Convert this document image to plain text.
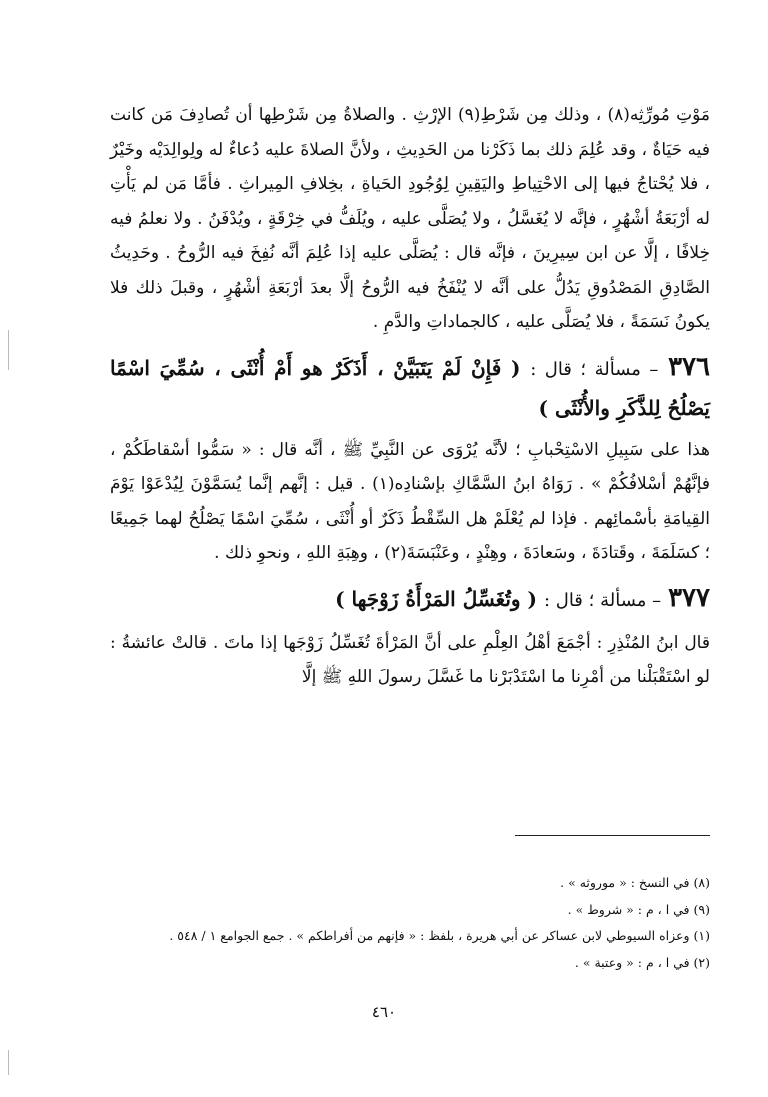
مَوْتِ مُورِّثِه(٨) ، وذلك مِن شَرْطِ(٩) الإرْثِ . والصلاةُ مِن شَرْطِها أن تُصادِفَ مَن كانت فيه حَيَاةٌ ، وقد عُلِمَ ذلك بما ذَكَرْنا من الحَدِيثِ ، ولأنَّ الصلاةَ عليه دُعاءٌ له ولِوالِدَيْه وخَيْرٌ ، فلا يُحْتاجُ فيها إلى الاحْتِياطِ واليَقِينِ لِوُجُودِ الحَياةِ ، بخِلافِ المِيراثِ . فأمَّا مَن لم يَأْتِ له أرْبَعَةُ أشْهُرٍ ، فإنَّه لا يُغَسَّلُ ، ولا يُصَلَّى عليه ، ويُلَفُّ في خِرْقَةٍ ، ويُدْفَنُ . ولا نعلمُ فيه خِلافًا ، إلَّا عن ابن سِيرِينَ ، فإنَّه قال : يُصَلَّى عليه إذا عُلِمَ أنَّه نُفِخَ فيه الرُّوحُ . وحَدِيثُ الصَّادِقِ المَصْدُوقِ يَدُلُّ على أنَّه لا يُنْفَخُ فيه الرُّوحُ إلَّا بعدَ أرْبَعَةِ أشْهُرٍ ، وقبلَ ذلك فلا يكونُ نَسَمَةً ، فلا يُصَلَّى عليه ، كالجماداتِ والدَّمِ .

٣٧٦ – مسألة ؛ قال : ( فَإِنْ لَمْ يَتَبَيَّنْ ، أَذَكَرٌ هو أَمْ أُنْثَى ، سُمِّيَ اسْمًا يَصْلُحُ لِلذَّكَرِ والأُنْثَى )

هذا على سَبِيلِ الاسْتِحْبابِ ؛ لأنَّه يُرْوَى عن النَّبِيِّ ﷺ ، أنَّه قال : « سَمُّوا أسْقاطَكُمْ ، فإنَّهُمْ أسْلافُكُمْ » . رَوَاهُ ابنُ السَّمَّاكِ بإسْنادِه(١) . قيل : إنَّهم إنَّما يُسَمَّوْنَ لِيُدْعَوْا يَوْمَ القِيامَةِ بأسْمائِهم . فإذا لم يُعْلَمْ هل السِّقْطُ ذَكَرٌ أو أُنْثَى ، سُمِّيَ اسْمًا يَصْلُحُ لهما جَمِيعًا ؛ كسَلَمَةَ ، وقَتادَةَ ، وسَعادَةَ ، وهِنْدٍ ، وعَنْبَسَةَ(٢) ، وهِبَةِ اللهِ ، ونحوِ ذلك .

٣٧٧ – مسألة ؛ قال : ( وتُغَسِّلُ المَرْأَةُ زَوْجَها )

قال ابنُ المُنْذِرِ : أجْمَعَ أهْلُ العِلْمِ على أنَّ المَرْأةَ تُغَسِّلُ زَوْجَها إذا ماتَ . قالتْ عائشةُ : لو اسْتَقْبَلْنا من أمْرِنا ما اسْتَدْبَرْنا ما غَسَّلَ رسولَ اللهِ ﷺ إلَّا

(٨) في النسخ : « موروثه » .
(٩) في ا ، م : « شروط » .
(١) وعزاه السيوطي لابن عساكر عن أبي هريرة ، بلفظ : « فإنهم من أفراطكم » . جمع الجوامع ١ / ٥٤٨ .
(٢) في ا ، م : « وعتبة » .
٤٦٠
